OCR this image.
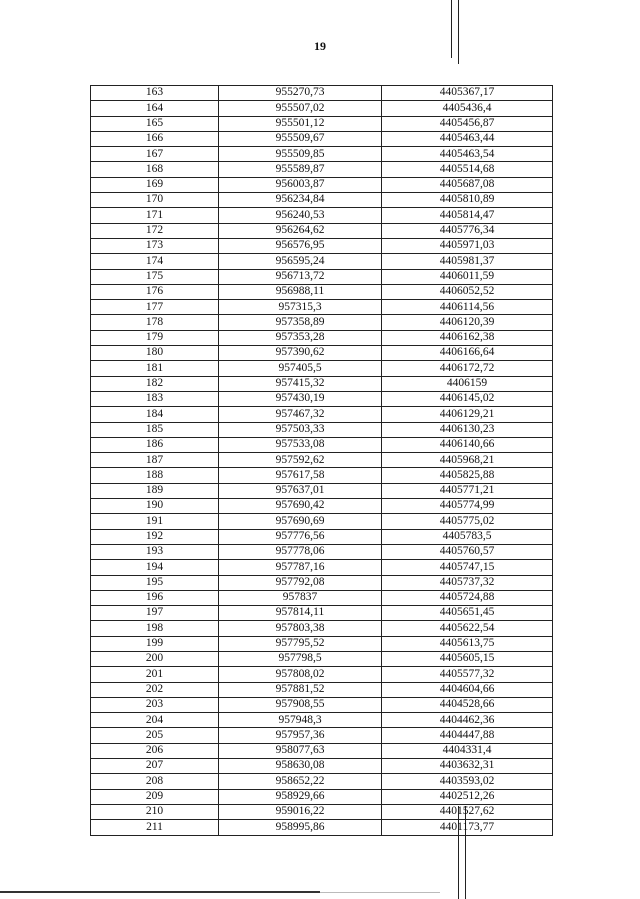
19
163	955270,73	4405367,17
164	955507,02	4405436,4
165	955501,12	4405456,87
166	955509,67	4405463,44
167	955509,85	4405463,54
168	955589,87	4405514,68
169	956003,87	4405687,08
170	956234,84	4405810,89
171	956240,53	4405814,47
172	956264,62	4405776,34
173	956576,95	4405971,03
174	956595,24	4405981,37
175	956713,72	4406011,59
176	956988,11	4406052,52
177	957315,3	4406114,56
178	957358,89	4406120,39
179	957353,28	4406162,38
180	957390,62	4406166,64
181	957405,5	4406172,72
182	957415,32	4406159
183	957430,19	4406145,02
184	957467,32	4406129,21
185	957503,33	4406130,23
186	957533,08	4406140,66
187	957592,62	4405968,21
188	957617,58	4405825,88
189	957637,01	4405771,21
190	957690,42	4405774,99
191	957690,69	4405775,02
192	957776,56	4405783,5
193	957778,06	4405760,57
194	957787,16	4405747,15
195	957792,08	4405737,32
196	957837	4405724,88
197	957814,11	4405651,45
198	957803,38	4405622,54
199	957795,52	4405613,75
200	957798,5	4405605,15
201	957808,02	4405577,32
202	957881,52	4404604,66
203	957908,55	4404528,66
204	957948,3	4404462,36
205	957957,36	4404447,88
206	958077,63	4404331,4
207	958630,08	4403632,31
208	958652,22	4403593,02
209	958929,66	4402512,26
210	959016,22	4401527,62
211	958995,86	4401173,77
